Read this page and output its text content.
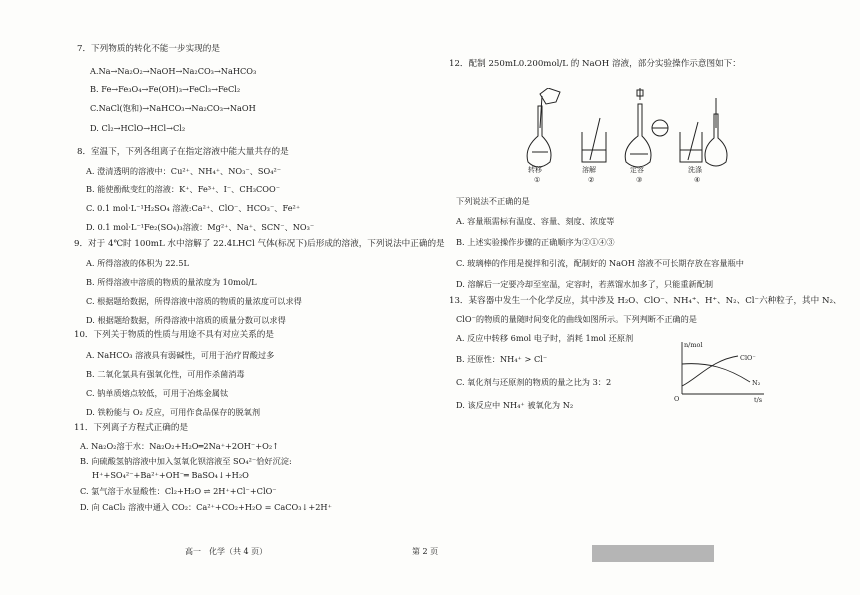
7．下列物质的转化不能一步实现的是
A.Na→Na₂O₂→NaOH→Na₂CO₃→NaHCO₃
B. Fe→Fe₃O₄→Fe(OH)₃→FeCl₃→FeCl₂
C.NaCl(饱和)→NaHCO₃→Na₂CO₃→NaOH
D. Cl₂→HClO→HCl→Cl₂
8．室温下，下列各组离子在指定溶液中能大量共存的是
A. 澄清透明的溶液中：Cu²⁺、NH₄⁺、NO₃⁻、SO₄²⁻
B. 能使酚酞变红的溶液：K⁺、Fe³⁺、I⁻、CH₃COO⁻
C. 0.1 mol·L⁻¹H₂SO₄ 溶液:Ca²⁺、ClO⁻、HCO₃⁻、Fe²⁺
D. 0.1 mol·L⁻¹Fe₂(SO₄)₃溶液：Mg²⁺、Na⁺、SCN⁻、NO₃⁻
9．对于 4℃时 100mL 水中溶解了 22.4LHCl 气体(标况下)后形成的溶液，下列说法中正确的是
A. 所得溶液的体积为 22.5L
B. 所得溶液中溶质的物质的量浓度为 10mol/L
C. 根据题给数据，所得溶液中溶质的物质的量浓度可以求得
D. 根据题给数据，所得溶液中溶质的质量分数可以求得
10．下列关于物质的性质与用途不具有对应关系的是
A. NaHCO₃ 溶液具有弱碱性，可用于治疗胃酸过多
B. 二氧化氯具有强氧化性，可用作杀菌消毒
C. 钠单质熔点较低，可用于冶炼金属钛
D. 铁粉能与 O₂ 反应，可用作食品保存的脱氧剂
11．下列离子方程式正确的是
A. Na₂O₂溶于水：Na₂O₂+H₂O═2Na⁺+2OH⁻+O₂↑
B. 向硫酸氢钠溶液中加入氢氧化钡溶液至 SO₄²⁻恰好沉淀:
H⁺+SO₄²⁻+Ba²⁺+OH⁻═ BaSO₄↓+H₂O
C. 氯气溶于水显酸性：Cl₂+H₂O ⇌ 2H⁺+Cl⁻+ClO⁻
D. 向 CaCl₂ 溶液中通入 CO₂：Ca²⁺+CO₂+H₂O = CaCO₃↓+2H⁺
12．配制 250mL0.200mol/L 的 NaOH 溶液，部分实验操作示意图如下：
转移
①
溶解
②
定容
③
洗涤
④
下列说法不正确的是
A. 容量瓶需标有温度、容量、刻度、浓度等
B. 上述实验操作步骤的正确顺序为②①④③
C. 玻璃棒的作用是搅拌和引流，配制好的 NaOH 溶液不可长期存放在容量瓶中
D. 溶解后一定要冷却至室温，定容时，若蒸馏水加多了，只能重新配制
13．某容器中发生一个化学反应，其中涉及 H₂O、ClO⁻、NH₄⁺、H⁺、N₂、Cl⁻六种粒子，其中 N₂、
ClO⁻的物质的量随时间变化的曲线如图所示。下列判断不正确的是
A. 反应中转移 6mol 电子时，消耗 1mol 还原剂
B. 还原性：NH₄⁺ > Cl⁻
C. 氧化剂与还原剂的物质的量之比为 3：2
D. 该反应中 NH₄⁺ 被氧化为 N₂
n/mol
t/s
O
ClO⁻
N₂
高一　化学（共 4 页）	第 2 页
